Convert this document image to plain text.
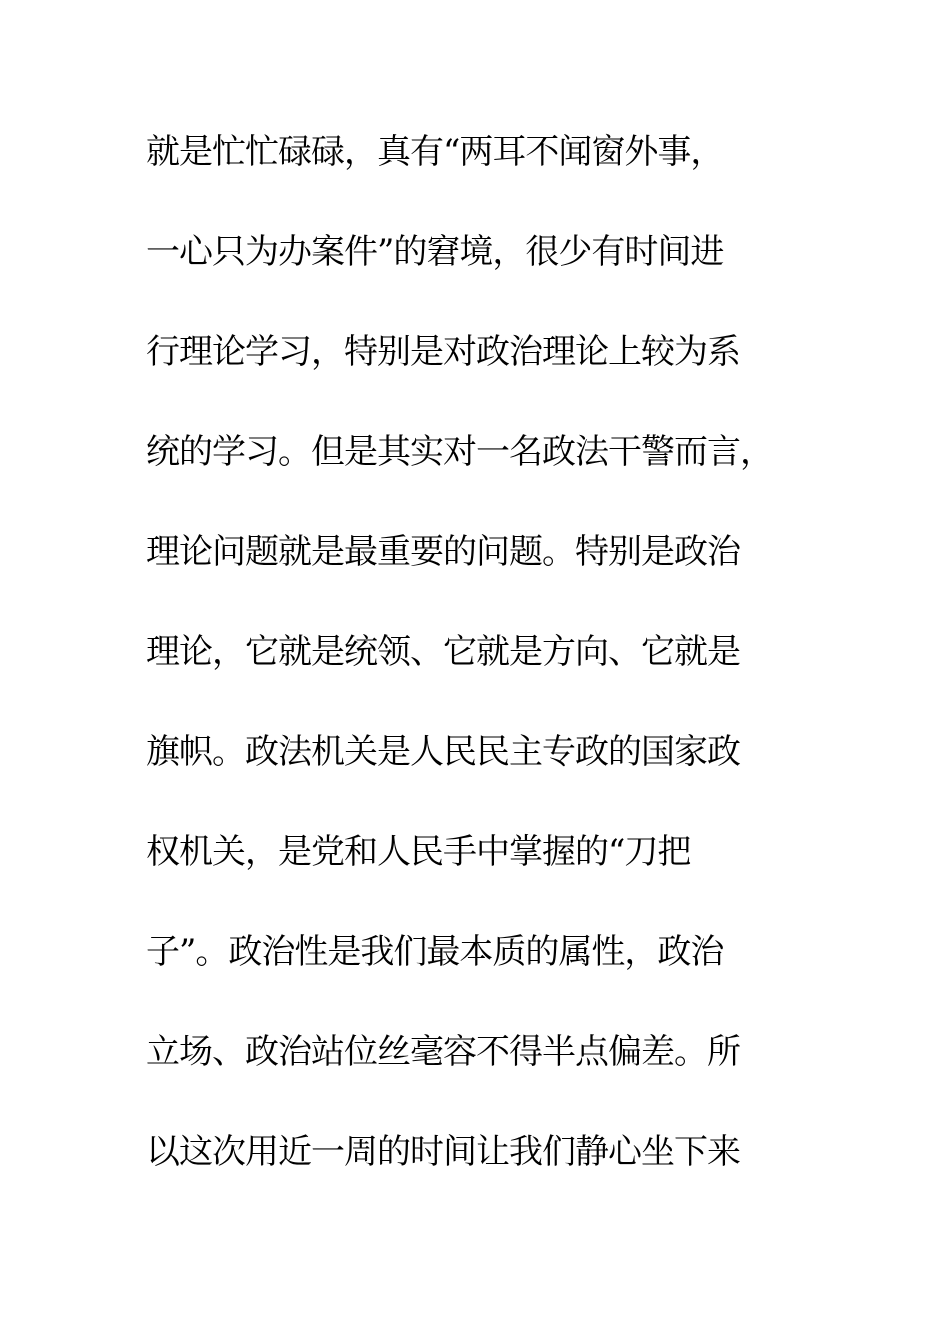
就是忙忙碌碌，真有“两耳不闻窗外事，
一心只为办案件”的窘境，很少有时间进
行理论学习，特别是对政治理论上较为系
统的学习。但是其实对一名政法干警而言，
理论问题就是最重要的问题。特别是政治
理论，它就是统领、它就是方向、它就是
旗帜。政法机关是人民民主专政的国家政
权机关，是党和人民手中掌握的“刀把
子”。政治性是我们最本质的属性，政治
立场、政治站位丝毫容不得半点偏差。所
以这次用近一周的时间让我们静心坐下来
